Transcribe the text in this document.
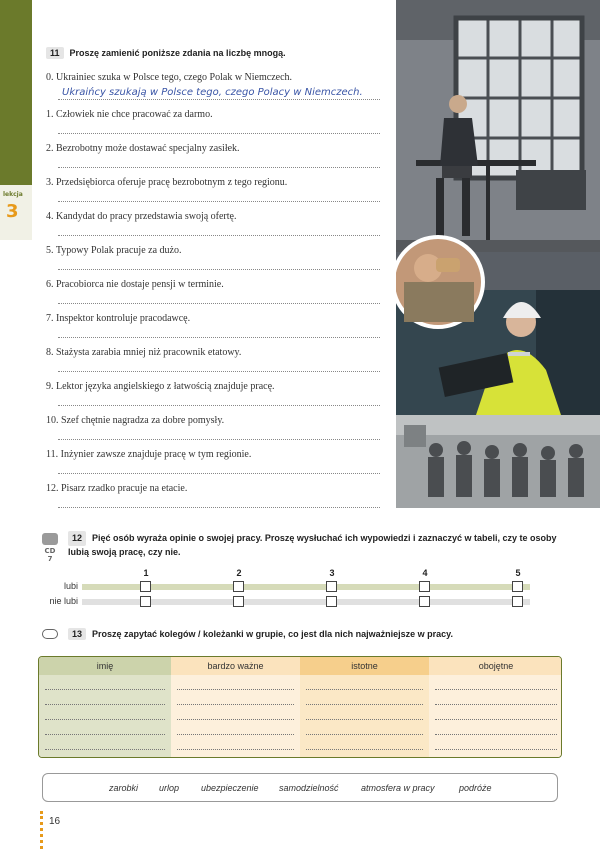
lekcja
3
11 Proszę zamienić poniższe zdania na liczbę mnogą.
0. Ukrainiec szuka w Polsce tego, czego Polak w Niemczech.
Ukraińcy szukają w Polsce tego, czego Polacy w Niemczech.
1. Człowiek nie chce pracować za darmo.
2. Bezrobotny może dostawać specjalny zasiłek.
3. Przedsiębiorca oferuje pracę bezrobotnym z tego regionu.
4. Kandydat do pracy przedstawia swoją ofertę.
5. Typowy Polak pracuje za dużo.
6. Pracobiorca nie dostaje pensji w terminie.
7. Inspektor kontroluje pracodawcę.
8. Stażysta zarabia mniej niż pracownik etatowy.
9. Lektor języka angielskiego z łatwością znajduje pracę.
10. Szef chętnie nagradza za dobre pomysły.
11. Inżynier zawsze znajduje pracę w tym regionie.
12. Pisarz rzadko pracuje na etacie.
CD
7
12 Pięć osób wyraża opinie o swojej pracy. Proszę wysłuchać ich wypowiedzi i zaznaczyć w tabeli, czy te osoby lubią swoją pracę, czy nie.
1	2	3	4	5
lubi
nie lubi
13 Proszę zapytać kolegów / koleżanki w grupie, co jest dla nich najważniejsze w pracy.
imię	bardzo ważne	istotne	obojętne
zarobki urlop ubezpieczenie samodzielność atmosfera w pracy	podróże
16
